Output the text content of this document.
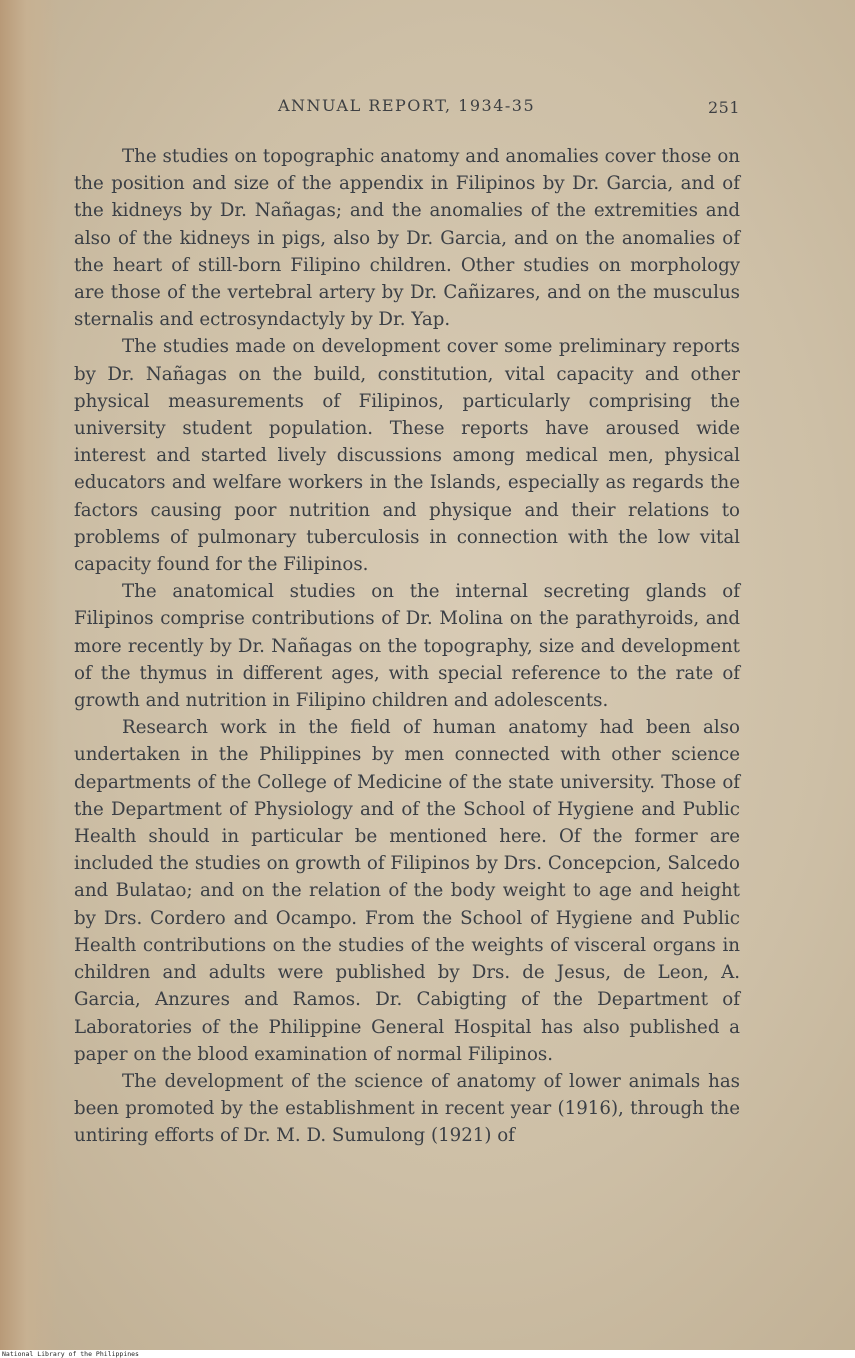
ANNUAL REPORT, 1934-35	251

The studies on topographic anatomy and anomalies cover those on the position and size of the appendix in Filipinos by Dr. Garcia, and of the kidneys by Dr. Nañagas; and the anomalies of the extremities and also of the kidneys in pigs, also by Dr. Garcia, and on the anomalies of the heart of still-born Filipino children. Other studies on morphology are those of the vertebral artery by Dr. Cañizares, and on the musculus sternalis and ectrosyndactyly by Dr. Yap.

The studies made on development cover some preliminary reports by Dr. Nañagas on the build, constitution, vital capacity and other physical measurements of Filipinos, particularly comprising the university student population. These reports have aroused wide interest and started lively discussions among medical men, physical educators and welfare workers in the Islands, especially as regards the factors causing poor nutrition and physique and their relations to problems of pulmonary tuberculosis in connection with the low vital capacity found for the Filipinos.

The anatomical studies on the internal secreting glands of Filipinos comprise contributions of Dr. Molina on the parathyroids, and more recently by Dr. Nañagas on the topography, size and development of the thymus in different ages, with special reference to the rate of growth and nutrition in Filipino children and adolescents.

Research work in the field of human anatomy had been also undertaken in the Philippines by men connected with other science departments of the College of Medicine of the state university. Those of the Department of Physiology and of the School of Hygiene and Public Health should in particular be mentioned here. Of the former are included the studies on growth of Filipinos by Drs. Concepcion, Salcedo and Bulatao; and on the relation of the body weight to age and height by Drs. Cordero and Ocampo. From the School of Hygiene and Public Health contributions on the studies of the weights of visceral organs in children and adults were published by Drs. de Jesus, de Leon, A. Garcia, Anzures and Ramos. Dr. Cabigting of the Department of Laboratories of the Philippine General Hospital has also published a paper on the blood examination of normal Filipinos.

The development of the science of anatomy of lower animals has been promoted by the establishment in recent year (1916), through the untiring efforts of Dr. M. D. Sumulong (1921) of

National Library of the Philippines
